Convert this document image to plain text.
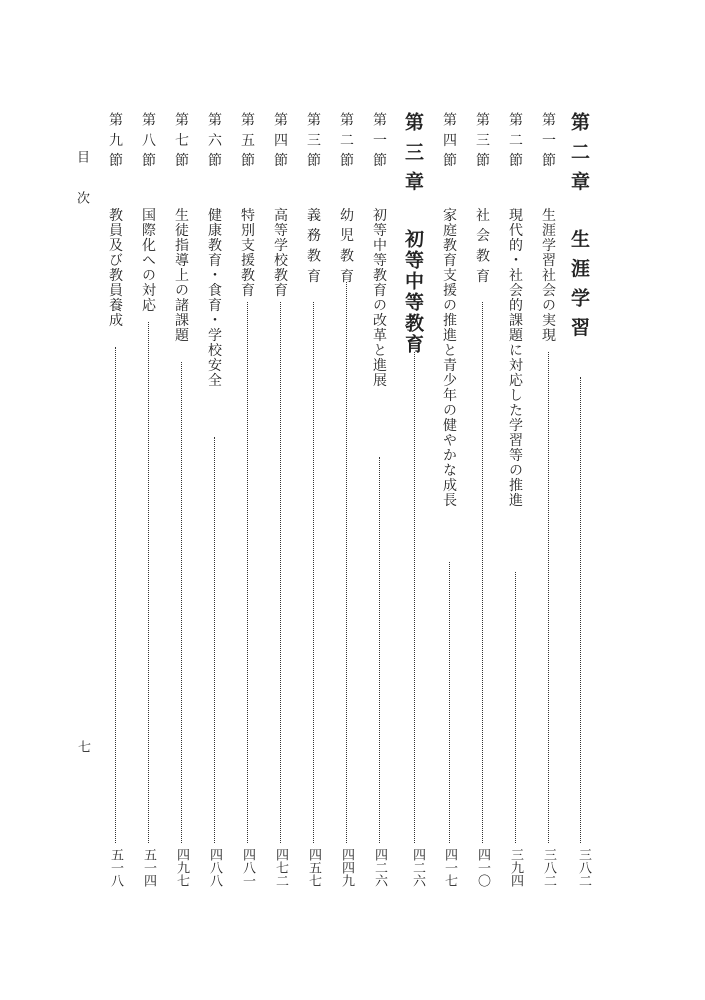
第 二 章 生 涯 学 習
三八二
第 一 節 生涯学習社会の実現
三八二
第 二 節 現代的・社会的課題に対応した学習等の推進
三九四
第 三 節 社 会 教 育
四一〇
第 四 節 家庭教育支援の推進と青少年の健やかな成長
四一七
第 三 章 初等中等教育
四二六
第 一 節 初等中等教育の改革と進展
四二六
第 二 節 幼 児 教 育
四四九
第 三 節 義 務 教 育
四五七
第 四 節 高等学校教育
四七二
第 五 節 特別支援教育
四八一
第 六 節 健康教育・食育・学校安全
四八八
第 七 節 生徒指導上の諸課題
四九七
第 八 節 国際化への対応
五一四
第 九 節 教員及び教員養成
五一八
目 次
七
